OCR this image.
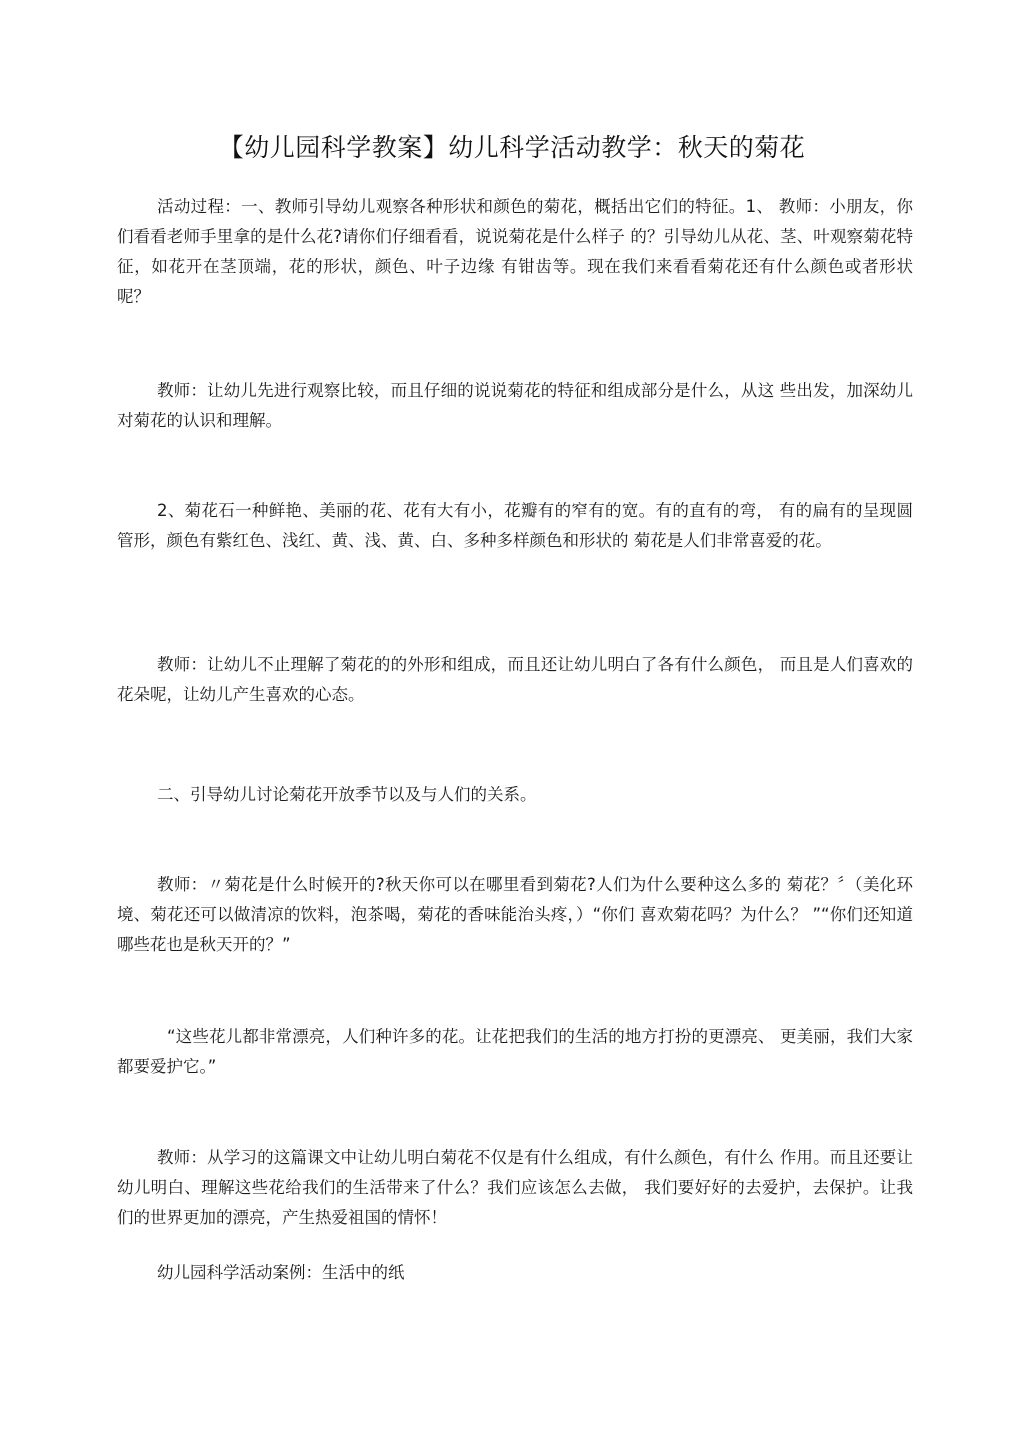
【幼儿园科学教案】幼儿科学活动教学：秋天的菊花

活动过程：一、教师引导幼儿观察各种形状和颜色的菊花，概括出它们的特征。1、 教师：小朋友，你们看看老师手里拿的是什么花?请你们仔细看看，说说菊花是什么样子 的？引导幼儿从花、茎、叶观察菊花特征，如花开在茎顶端，花的形状，颜色、叶子边缘 有钳齿等。现在我们来看看菊花还有什么颜色或者形状呢？

教师：让幼儿先进行观察比较，而且仔细的说说菊花的特征和组成部分是什么，从这 些出发，加深幼儿对菊花的认识和理解。

2、菊花石一种鲜艳、美丽的花、花有大有小，花瓣有的窄有的宽。有的直有的弯， 有的扁有的呈现圆管形，颜色有紫红色、浅红、黄、浅、黄、白、多种多样颜色和形状的 菊花是人们非常喜爱的花。

教师：让幼儿不止理解了菊花的的外形和组成，而且还让幼儿明白了各有什么颜色， 而且是人们喜欢的花朵呢，让幼儿产生喜欢的心态。

二、引导幼儿讨论菊花开放季节以及与人们的关系。

教师：〃菊花是什么时候开的?秋天你可以在哪里看到菊花?人们为什么要种这么多的 菊花？〞（美化环境、菊花还可以做清凉的饮料，泡茶喝，菊花的香味能治头疼，）“你们 喜欢菊花吗？为什么？ ”“你们还知道哪些花也是秋天开的？”

“这些花儿都非常漂亮，人们种许多的花。让花把我们的生活的地方打扮的更漂亮、 更美丽，我们大家都要爱护它。”

教师：从学习的这篇课文中让幼儿明白菊花不仅是有什么组成，有什么颜色，有什么 作用。而且还要让幼儿明白、理解这些花给我们的生活带来了什么？我们应该怎么去做， 我们要好好的去爱护，去保护。让我们的世界更加的漂亮，产生热爱祖国的情怀！

幼儿园科学活动案例：生活中的纸
